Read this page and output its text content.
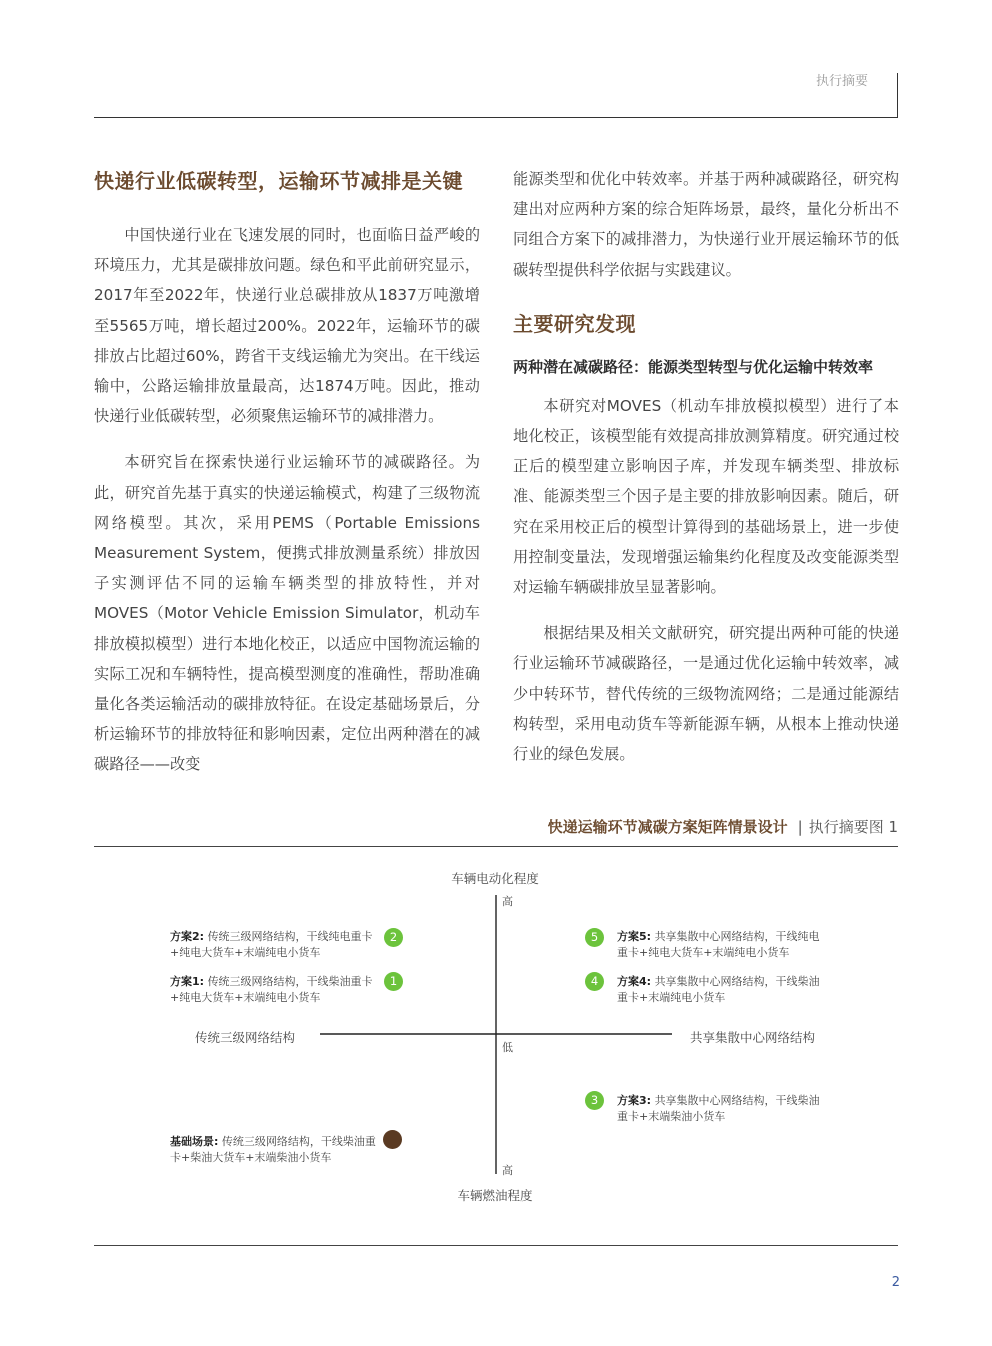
执行摘要
快递行业低碳转型，运输环节减排是关键

中国快递行业在飞速发展的同时，也面临日益严峻的环境压力，尤其是碳排放问题。绿色和平此前研究显示，2017年至2022年，快递行业总碳排放从1837万吨激增至5565万吨，增长超过200%。2022年，运输环节的碳排放占比超过60%，跨省干支线运输尤为突出。在干线运输中，公路运输排放量最高，达1874万吨。因此，推动快递行业低碳转型，必须聚焦运输环节的减排潜力。

本研究旨在探索快递行业运输环节的减碳路径。为此，研究首先基于真实的快递运输模式，构建了三级物流网络模型。其次，采用PEMS（Portable Emissions Measurement System，便携式排放测量系统）排放因子实测评估不同的运输车辆类型的排放特性，并对MOVES（Motor Vehicle Emission Simulator，机动车排放模拟模型）进行本地化校正，以适应中国物流运输的实际工况和车辆特性，提高模型测度的准确性，帮助准确量化各类运输活动的碳排放特征。在设定基础场景后，分析运输环节的排放特征和影响因素，定位出两种潜在的减碳路径——改变

能源类型和优化中转效率。并基于两种减碳路径，研究构建出对应两种方案的综合矩阵场景，最终，量化分析出不同组合方案下的减排潜力，为快递行业开展运输环节的低碳转型提供科学依据与实践建议。

主要研究发现
两种潜在减碳路径：能源类型转型与优化运输中转效率

本研究对MOVES（机动车排放模拟模型）进行了本地化校正，该模型能有效提高排放测算精度。研究通过校正后的模型建立影响因子库，并发现车辆类型、排放标准、能源类型三个因子是主要的排放影响因素。随后，研究在采用校正后的模型计算得到的基础场景上，进一步使用控制变量法，发现增强运输集约化程度及改变能源类型对运输车辆碳排放呈显著影响。

根据结果及相关文献研究，研究提出两种可能的快递行业运输环节减碳路径，一是通过优化运输中转效率，减少中转环节，替代传统的三级物流网络；二是通过能源结构转型，采用电动货车等新能源车辆，从根本上推动快递行业的绿色发展。

快递运输环节减碳方案矩阵情景设计 | 执行摘要图 1
车辆电动化程度
车辆燃油程度
传统三级网络结构	共享集散中心网络结构
高
低
高
方案2: 传统三级网络结构，干线纯电重卡+纯电大货车+末端纯电小货车
2
方案1: 传统三级网络结构，干线柴油重卡+纯电大货车+末端纯电小货车
1
5	方案5: 共享集散中心网络结构，干线纯电重卡+纯电大货车+末端纯电小货车
4	方案4: 共享集散中心网络结构，干线柴油重卡+末端纯电小货车
3	方案3: 共享集散中心网络结构，干线柴油重卡+末端柴油小货车
基础场景: 传统三级网络结构，干线柴油重卡+柴油大货车+末端柴油小货车
2
